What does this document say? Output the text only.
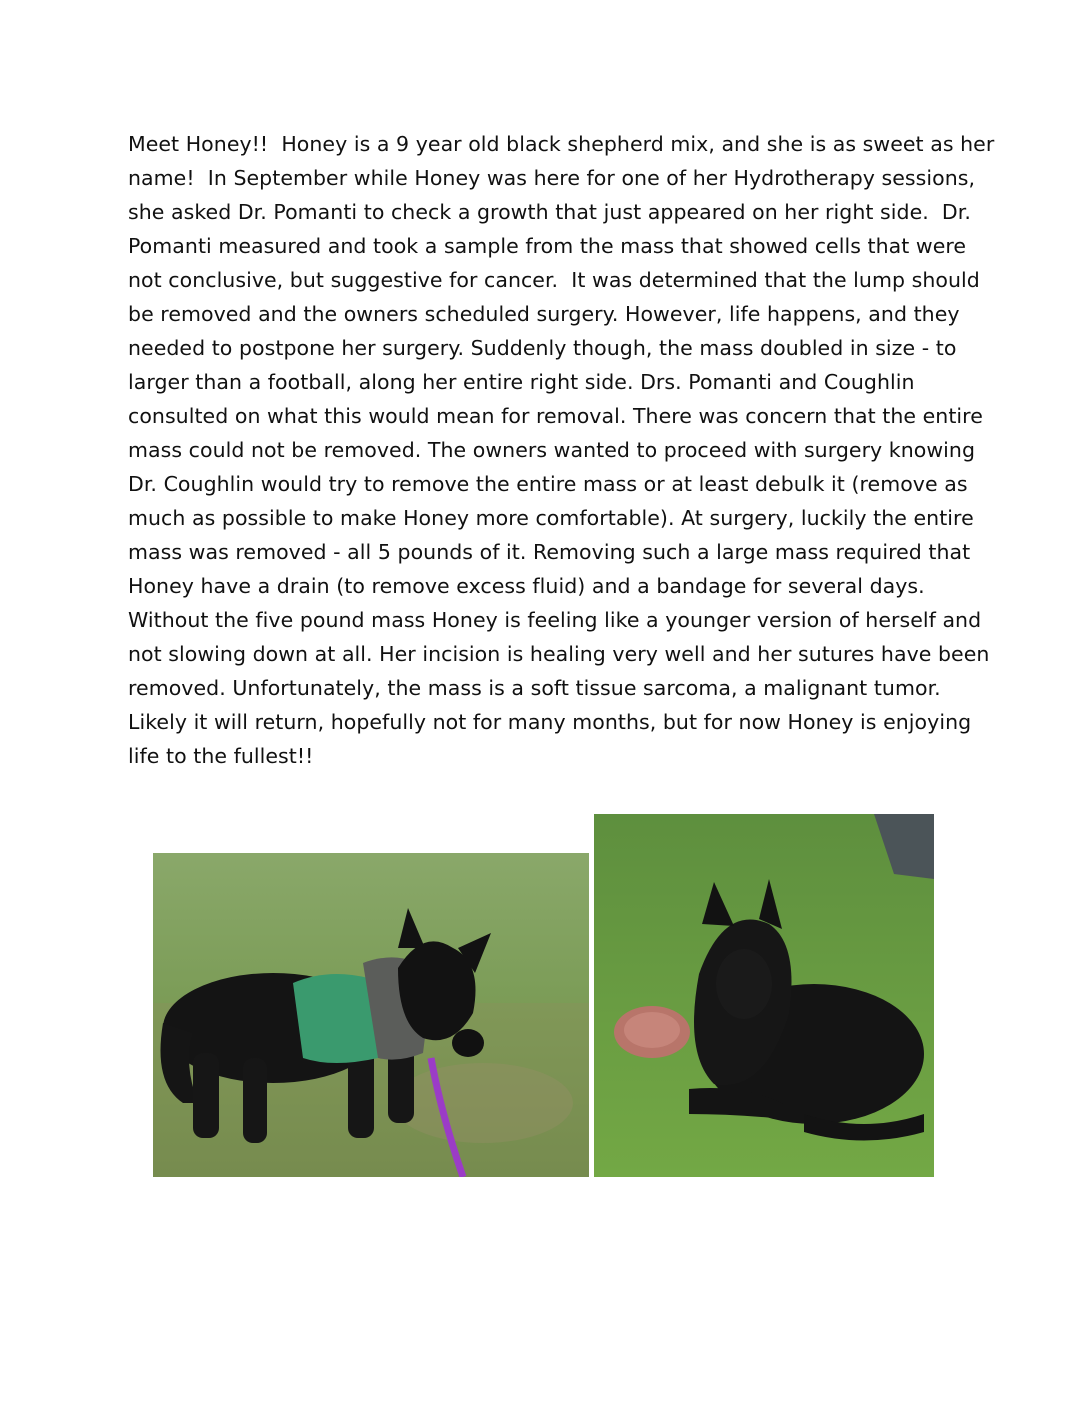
Meet Honey!!  Honey is a 9 year old black shepherd mix, and she is as sweet as her
name!  In September while Honey was here for one of her Hydrotherapy sessions,
she asked Dr. Pomanti to check a growth that just appeared on her right side.  Dr.
Pomanti measured and took a sample from the mass that showed cells that were
not conclusive, but suggestive for cancer.  It was determined that the lump should
be removed and the owners scheduled surgery. However, life happens, and they
needed to postpone her surgery. Suddenly though, the mass doubled in size - to
larger than a football, along her entire right side. Drs. Pomanti and Coughlin
consulted on what this would mean for removal. There was concern that the entire
mass could not be removed. The owners wanted to proceed with surgery knowing
Dr. Coughlin would try to remove the entire mass or at least debulk it (remove as
much as possible to make Honey more comfortable). At surgery, luckily the entire
mass was removed - all 5 pounds of it. Removing such a large mass required that
Honey have a drain (to remove excess fluid) and a bandage for several days.
Without the five pound mass Honey is feeling like a younger version of herself and
not slowing down at all. Her incision is healing very well and her sutures have been
removed. Unfortunately, the mass is a soft tissue sarcoma, a malignant tumor.
Likely it will return, hopefully not for many months, but for now Honey is enjoying
life to the fullest!!
